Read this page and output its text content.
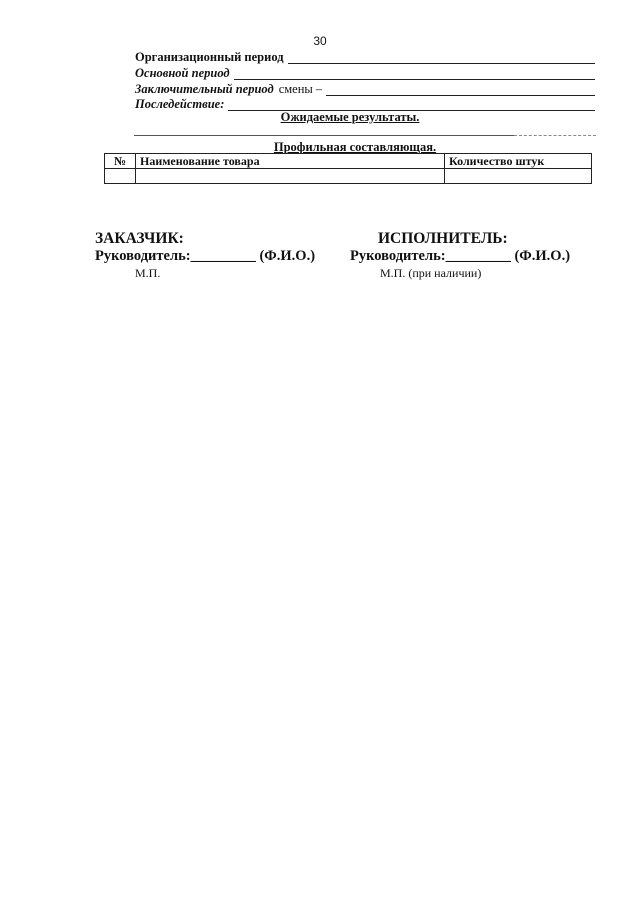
30
Организационный период
Основной период
Заключительный период смены –
Последействие:
Ожидаемые результаты.
Профильная составляющая.
№	Наименование товара	Количество штук

ЗАКАЗЧИК:
Руководитель:_________ (Ф.И.О.)
М.П.
ИСПОЛНИТЕЛЬ:
Руководитель:_________ (Ф.И.О.)
М.П. (при наличии)
